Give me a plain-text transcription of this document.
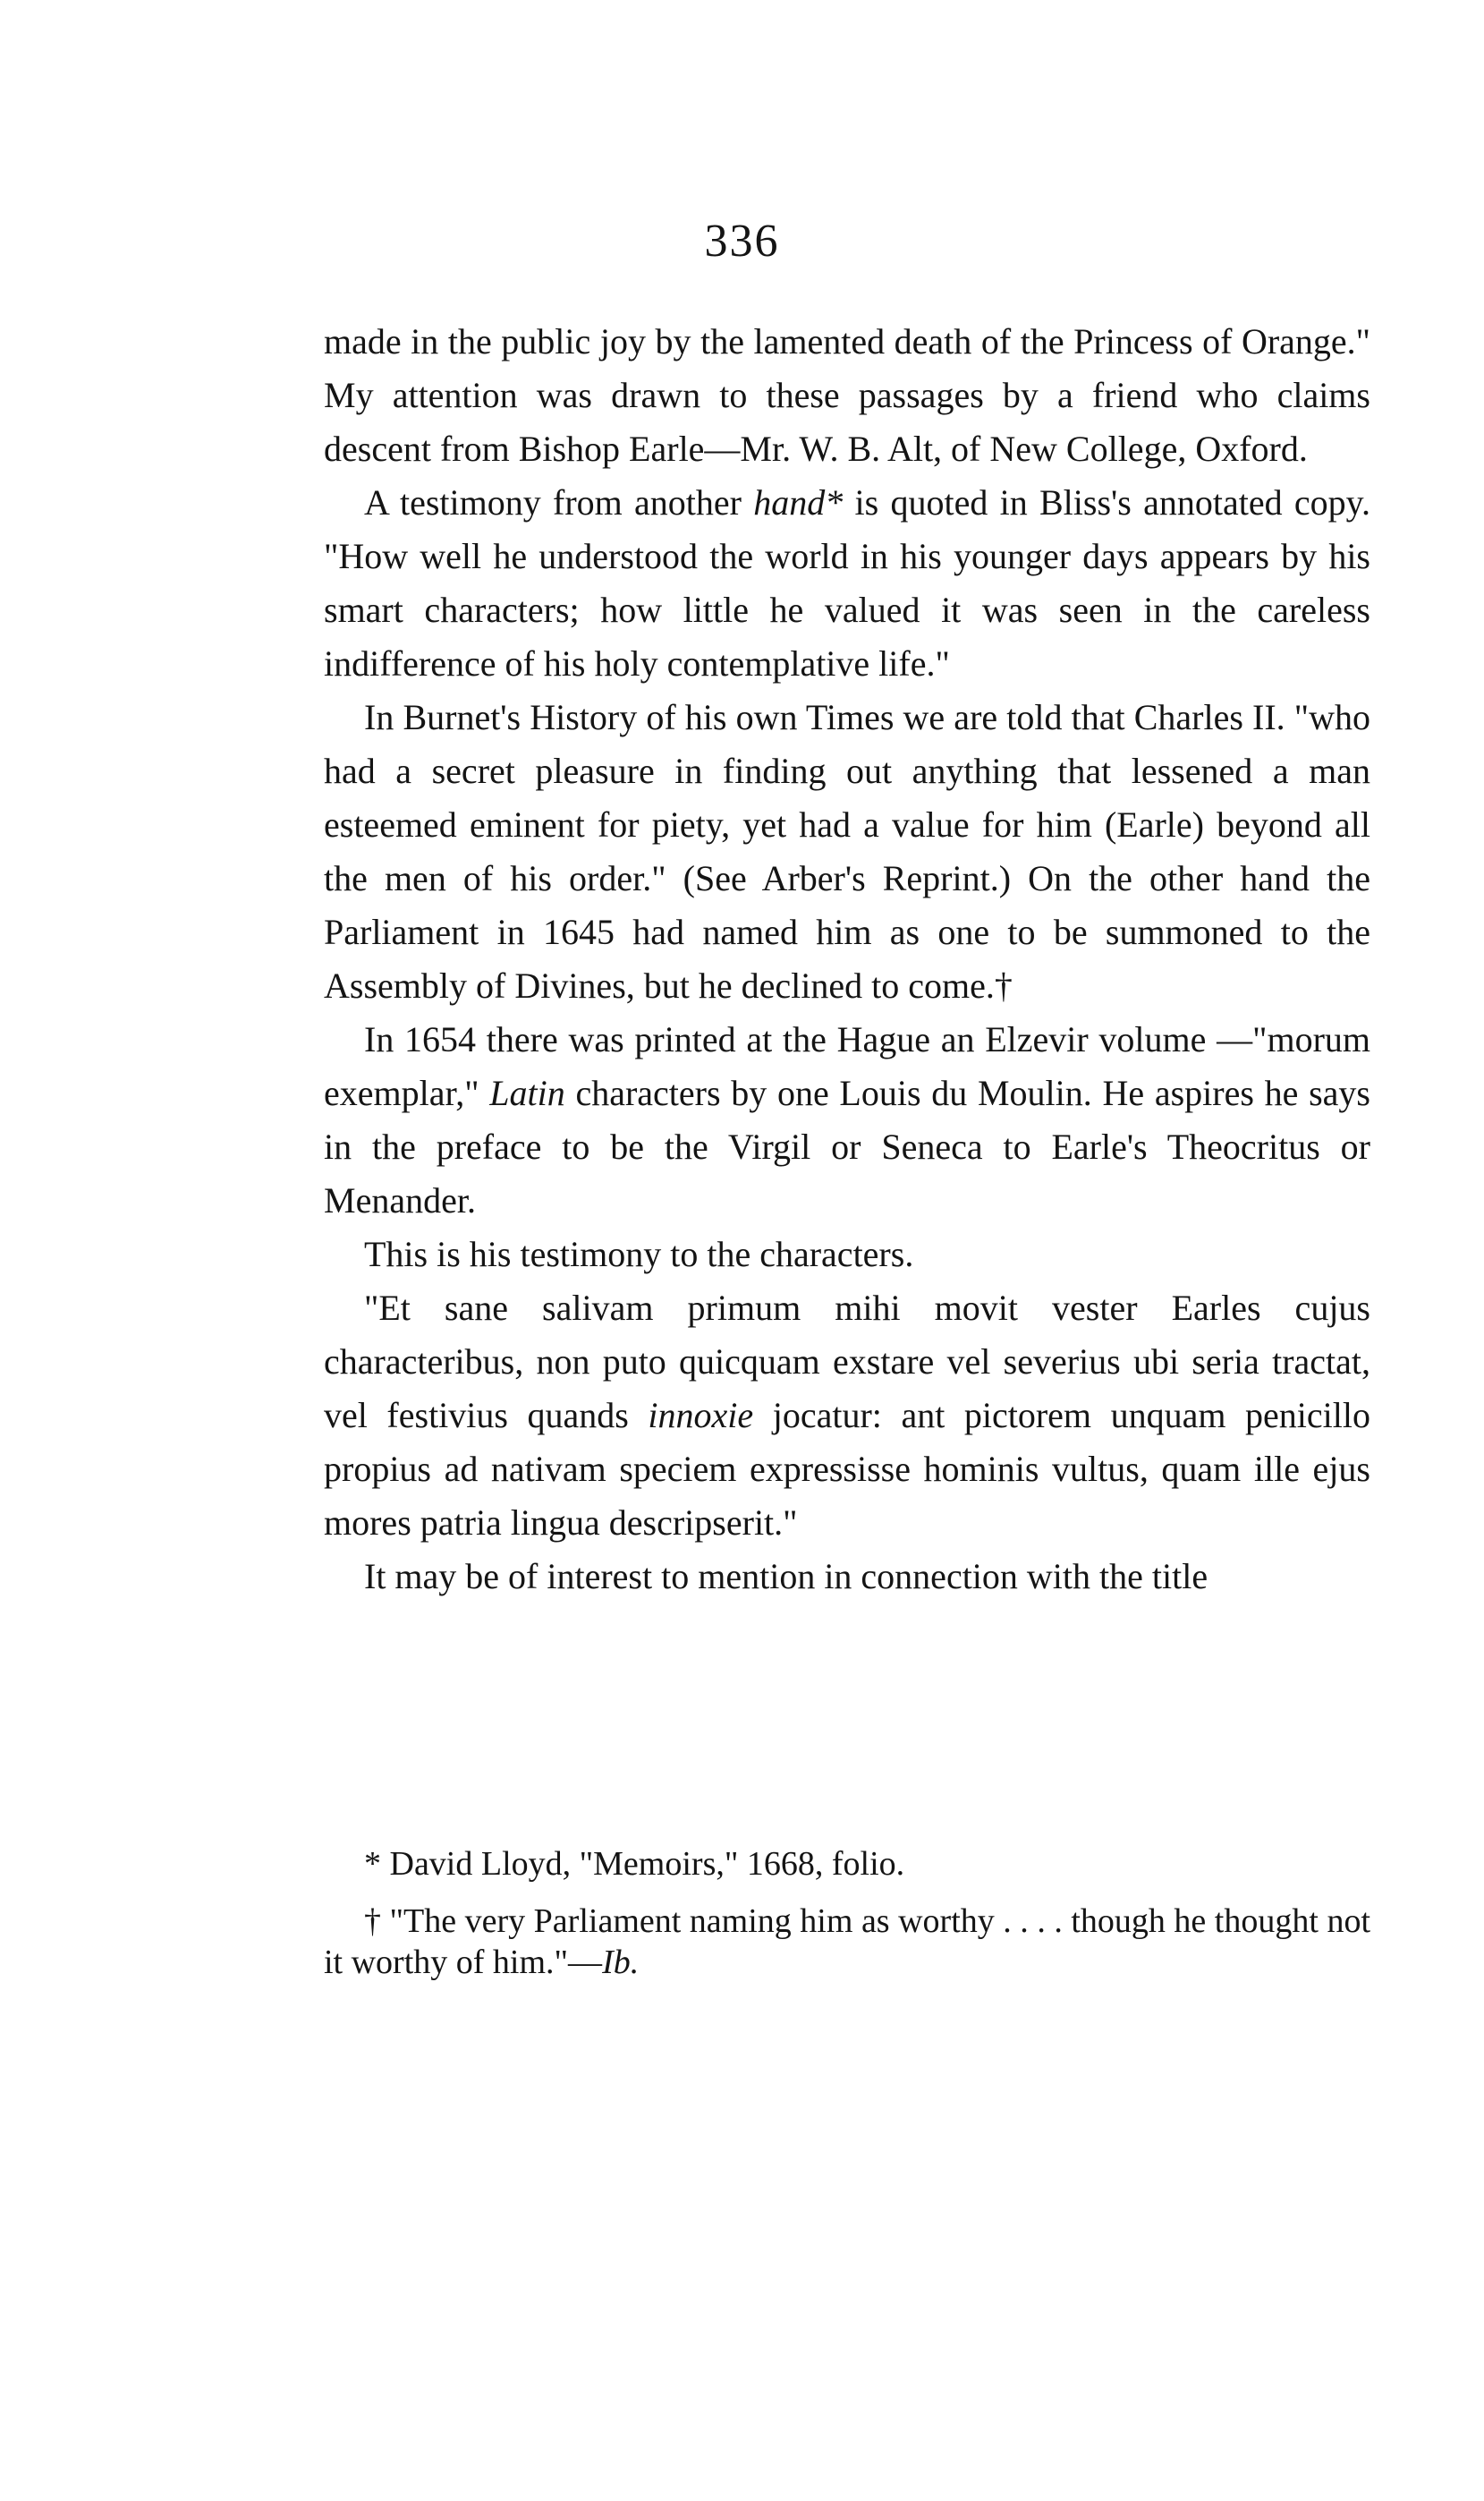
336

made in the public joy by the lamented death of the Princess of Orange." My attention was drawn to these passages by a friend who claims descent from Bishop Earle—Mr. W. B. Alt, of New College, Oxford.

A testimony from another hand* is quoted in Bliss's annotated copy. "How well he understood the world in his younger days appears by his smart characters; how little he valued it was seen in the careless indifference of his holy contemplative life."

In Burnet's History of his own Times we are told that Charles II. "who had a secret pleasure in finding out anything that lessened a man esteemed eminent for piety, yet had a value for him (Earle) beyond all the men of his order." (See Arber's Reprint.) On the other hand the Parliament in 1645 had named him as one to be summoned to the Assembly of Divines, but he declined to come.†

In 1654 there was printed at the Hague an Elzevir volume —"morum exemplar," Latin characters by one Louis du Moulin. He aspires he says in the preface to be the Virgil or Seneca to Earle's Theocritus or Menander.

This is his testimony to the characters.

"Et sane salivam primum mihi movit vester Earles cujus characteribus, non puto quicquam exstare vel severius ubi seria tractat, vel festivius quands innoxie jocatur: ant pictorem unquam penicillo propius ad nativam speciem expressisse hominis vultus, quam ille ejus mores patria lingua descripserit."

It may be of interest to mention in connection with the title

* David Lloyd, "Memoirs," 1668, folio.

† "The very Parliament naming him as worthy . . . . though he thought not it worthy of him."—Ib.
